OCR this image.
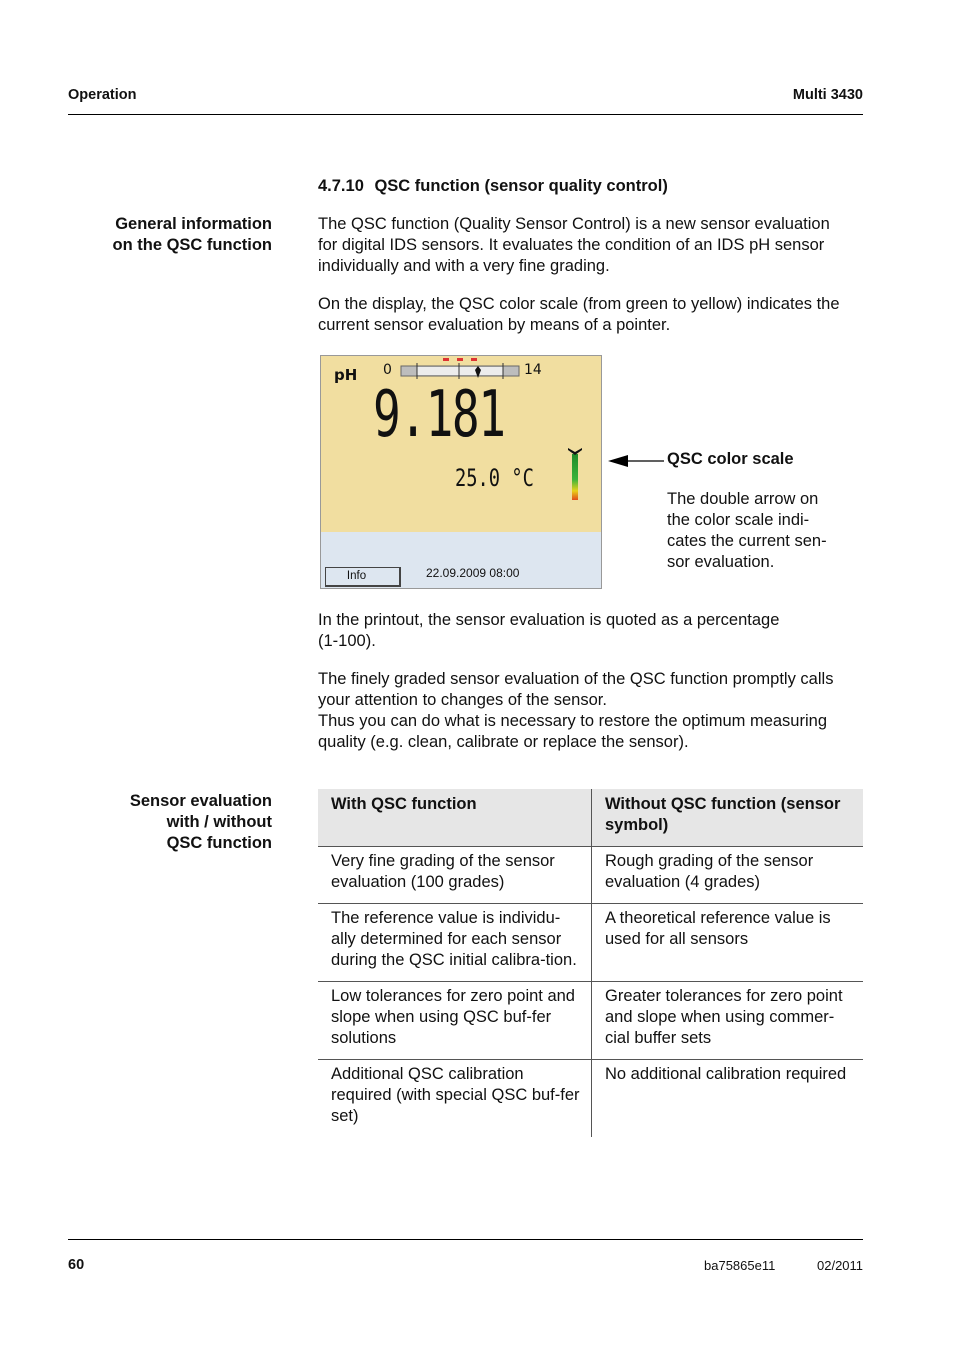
Operation	Multi 3430
4.7.10 QSC function (sensor quality control)
General information
on the QSC function
The QSC function (Quality Sensor Control) is a new sensor evaluation
for digital IDS sensors. It evaluates the condition of an IDS pH sensor
individually and with a very fine grading.
On the display, the QSC color scale (from green to yellow) indicates the
current sensor evaluation by means of a pointer.
pH 0	14
9.181
25.0 °C
Info	22.09.2009 08:00
QSC color scale
The double arrow on
the color scale indi-
cates the current sen-
sor evaluation.
In the printout, the sensor evaluation is quoted as a percentage
(1-100).
The finely graded sensor evaluation of the QSC function promptly calls
your attention to changes of the sensor.
Thus you can do what is necessary to restore the optimum measuring
quality (e.g. clean, calibrate or replace the sensor).
Sensor evaluation
with / without
QSC function
With QSC function	Without QSC function (sensor symbol)
Very fine grading of the sensor evaluation (100 grades)	Rough grading of the sensor evaluation (4 grades)
The reference value is individu-ally determined for each sensor during the QSC initial calibra-tion.	A theoretical reference value is used for all sensors
Low tolerances for zero point and slope when using QSC buf-fer solutions	Greater tolerances for zero point and slope when using commer-cial buffer sets
Additional QSC calibration required (with special QSC buf-fer set)	No additional calibration required
60	ba75865e11	02/2011
